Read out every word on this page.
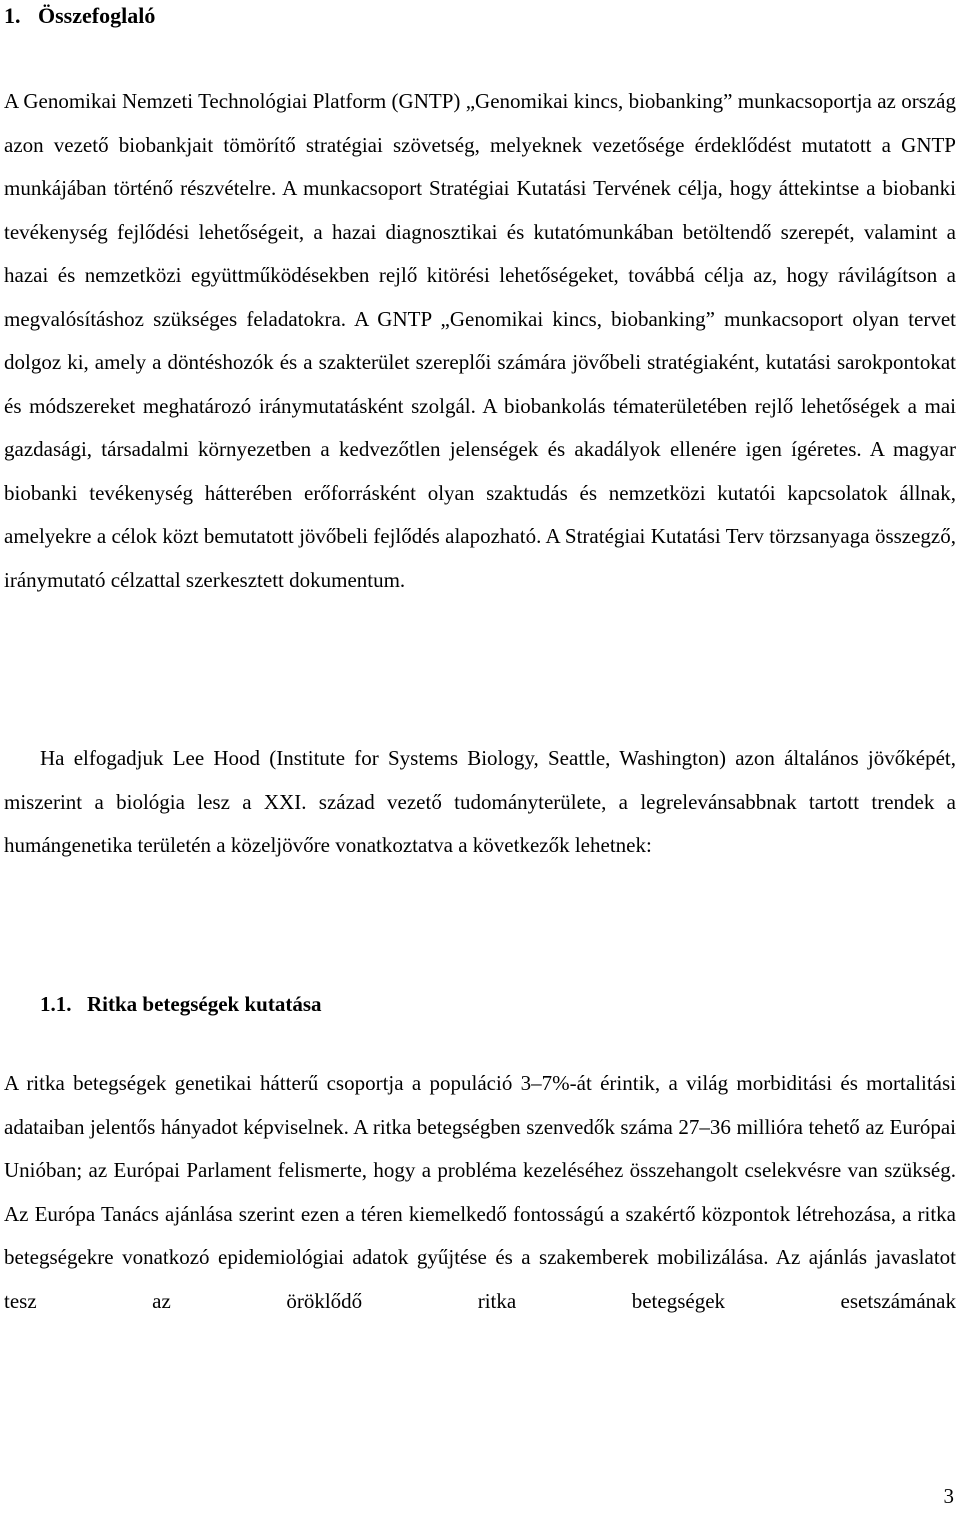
1. Összefoglaló

A Genomikai Nemzeti Technológiai Platform (GNTP) „Genomikai kincs, biobanking” munkacsoportja az ország azon vezető biobankjait tömörítő stratégiai szövetség, melyeknek vezetősége érdeklődést mutatott a GNTP munkájában történő részvételre. A munkacsoport Stratégiai Kutatási Tervének célja, hogy áttekintse a biobanki tevékenység fejlődési lehetőségeit, a hazai diagnosztikai és kutatómunkában betöltendő szerepét, valamint a hazai és nemzetközi együttműködésekben rejlő kitörési lehetőségeket, továbbá célja az, hogy rávilágítson a megvalósításhoz szükséges feladatokra. A GNTP „Genomikai kincs, biobanking” munkacsoport olyan tervet dolgoz ki, amely a döntéshozók és a szakterület szereplői számára jövőbeli stratégiaként, kutatási sarokpontokat és módszereket meghatározó iránymutatásként szolgál. A biobankolás tématerületében rejlő lehetőségek a mai gazdasági, társadalmi környezetben a kedvezőtlen jelenségek és akadályok ellenére igen ígéretes. A magyar biobanki tevékenység hátterében erőforrásként olyan szaktudás és nemzetközi kutatói kapcsolatok állnak, amelyekre a célok közt bemutatott jövőbeli fejlődés alapozható. A Stratégiai Kutatási Terv törzsanyaga összegző, iránymutató célzattal szerkesztett dokumentum.

Ha elfogadjuk Lee Hood (Institute for Systems Biology, Seattle, Washington) azon általános jövőképét, miszerint a biológia lesz a XXI. század vezető tudományterülete, a legrelevánsabbnak tartott trendek a humángenetika területén a közeljövőre vonatkoztatva a következők lehetnek:

1.1. Ritka betegségek kutatása

A ritka betegségek genetikai hátterű csoportja a populáció 3–7%-át érintik, a világ morbiditási és mortalitási adataiban jelentős hányadot képviselnek. A ritka betegségben szenvedők száma 27–36 millióra tehető az Európai Unióban; az Európai Parlament felismerte, hogy a probléma kezeléséhez összehangolt cselekvésre van szükség. Az Európa Tanács ajánlása szerint ezen a téren kiemelkedő fontosságú a szakértő központok létrehozása, a ritka betegségekre vonatkozó epidemiológiai adatok gyűjtése és a szakemberek mobilizálása. Az ajánlás javaslatot tesz az öröklődő ritka betegségek esetszámának

3
